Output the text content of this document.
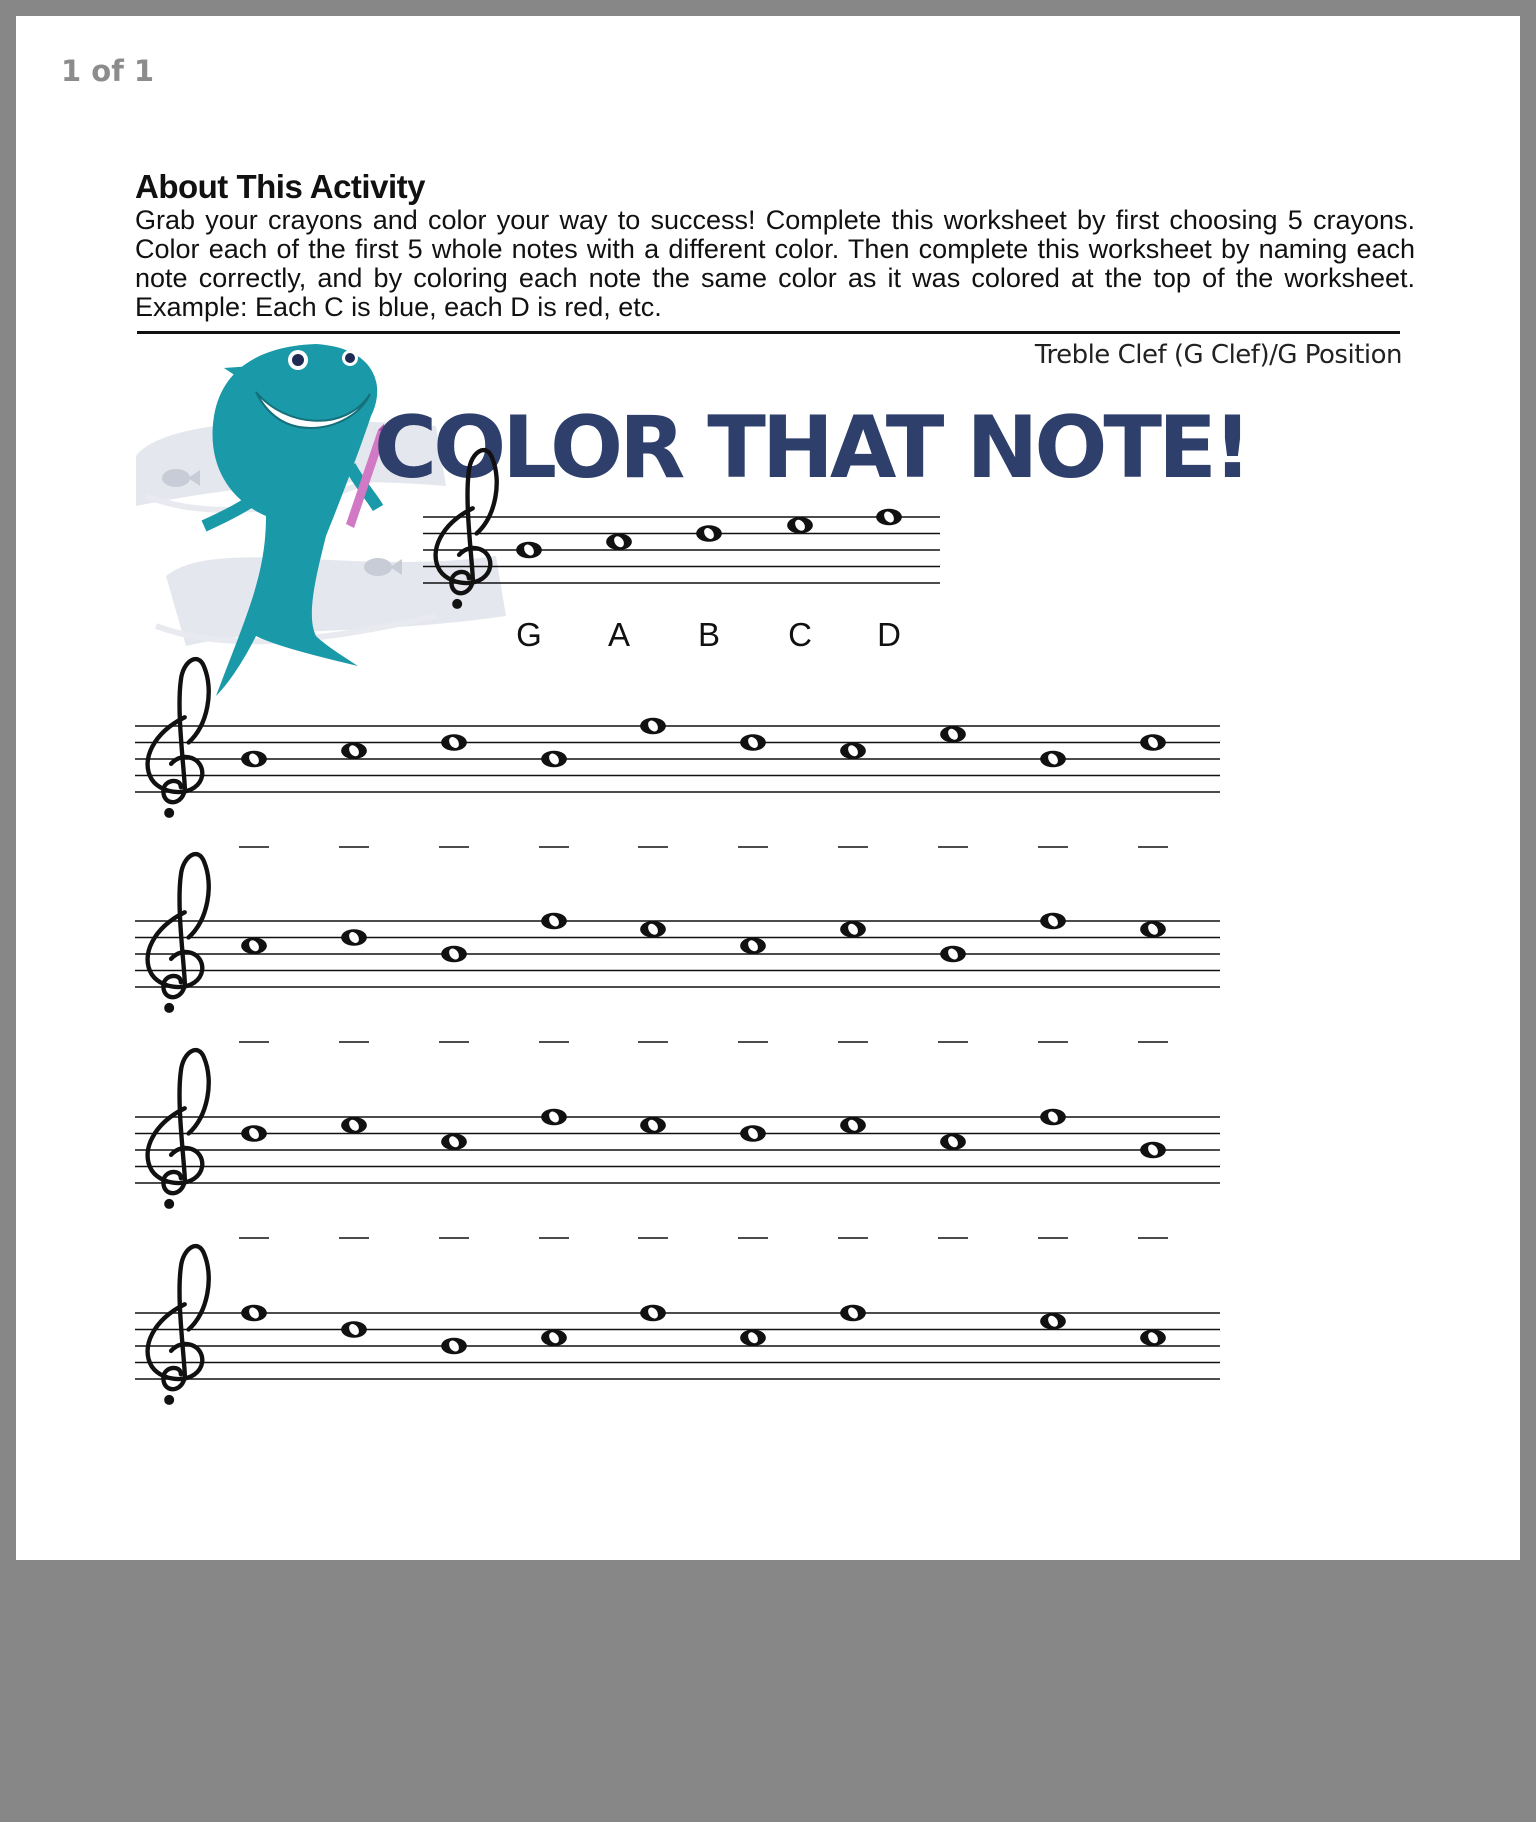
1 of 1
About This Activity
Grab your crayons and color your way to success! Complete this worksheet by first choosing 5 crayons. Color each of the first 5 whole notes with a different color. Then complete this worksheet by naming each note correctly, and by coloring each note the same color as it was colored at the top of the worksheet. Example: Each C is blue, each D is red, etc.
Treble Clef (G Clef)/G Position
COLOR THAT NOTE!
G A B C D
